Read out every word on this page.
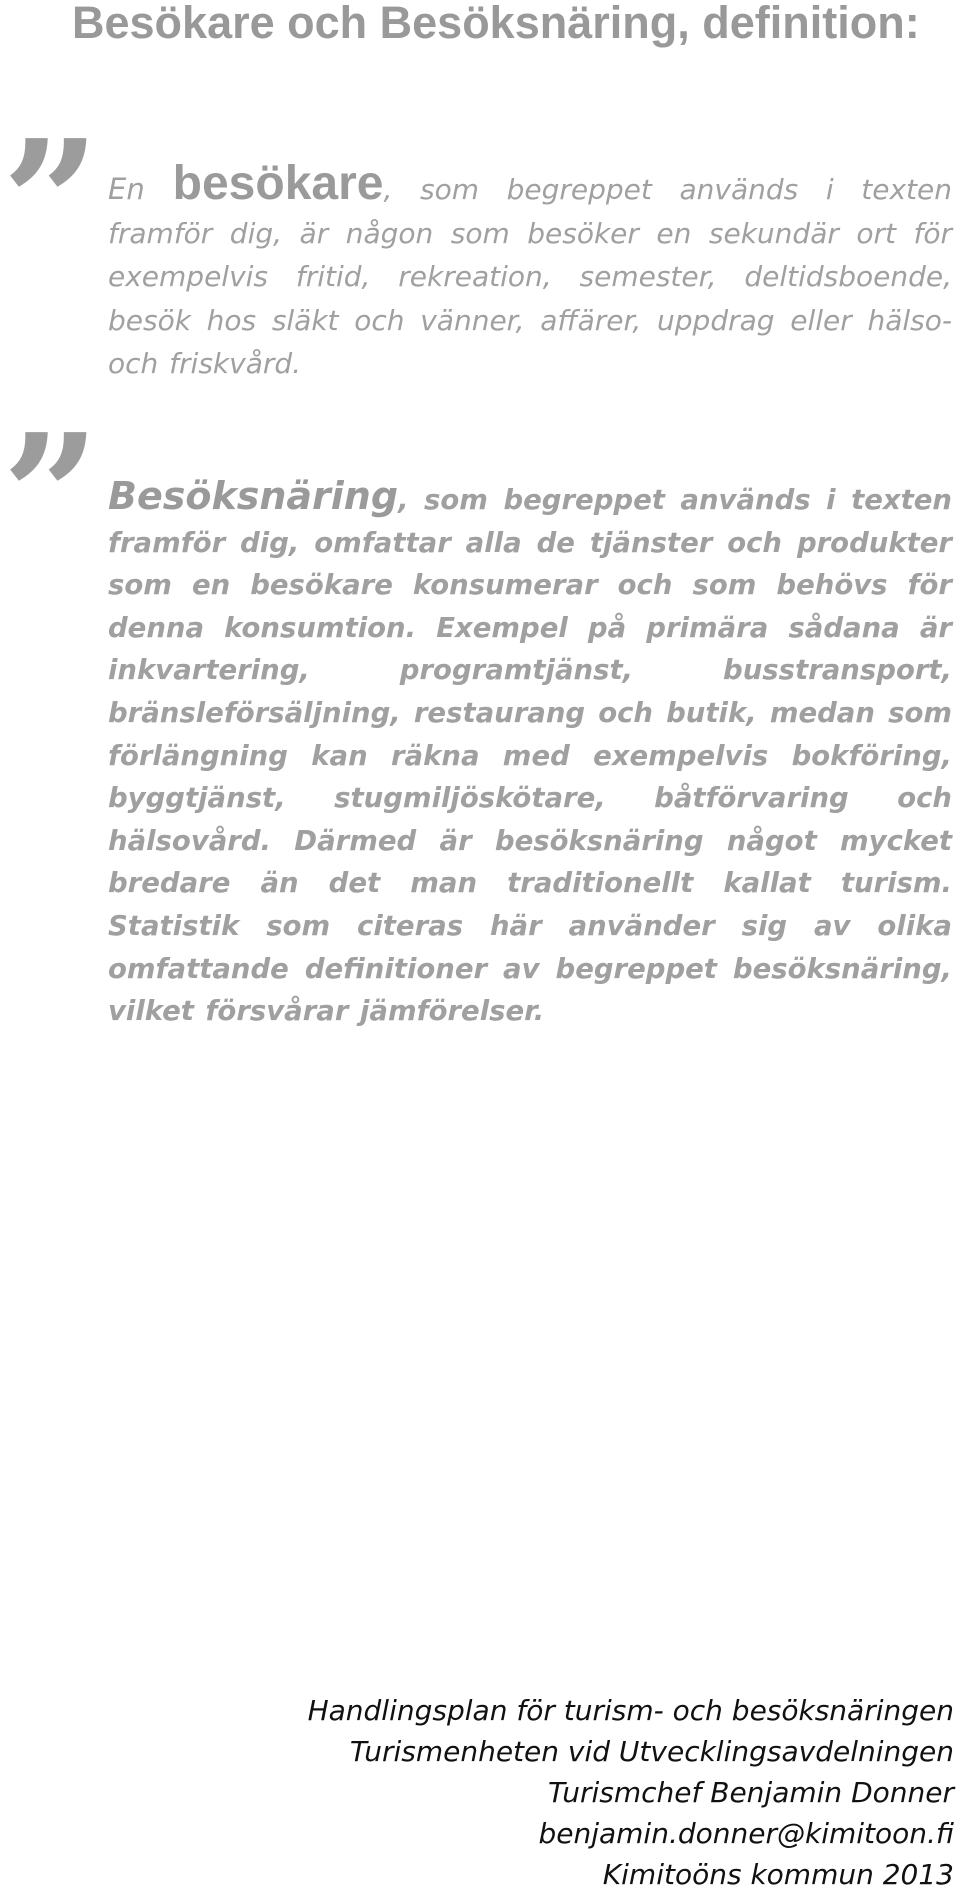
Besökare och Besöksnäring, definition:
” En besökare, som begreppet används i texten framför dig, är någon som besöker en sekundär ort för exempelvis fritid, rekreation, semester, deltidsboende, besök hos släkt och vänner, affärer, uppdrag eller hälso- och friskvård.

” Besöksnäring, som begreppet används i texten framför dig, omfattar alla de tjänster och produkter som en besökare konsumerar och som behövs för denna konsumtion. Exempel på primära sådana är inkvartering, programtjänst, busstransport, bränsleförsäljning, restaurang och butik, medan som förlängning kan räkna med exempelvis bokföring, byggtjänst, stugmiljöskötare, båtförvaring och hälsovård. Därmed är besöksnäring något mycket bredare än det man traditionellt kallat turism. Statistik som citeras här använder sig av olika omfattande definitioner av begreppet besöksnäring, vilket försvårar jämförelser.

Handlingsplan för turism- och besöksnäringen
Turismenheten vid Utvecklingsavdelningen
Turismchef Benjamin Donner
benjamin.donner@kimitoon.fi
Kimitoöns kommun 2013
